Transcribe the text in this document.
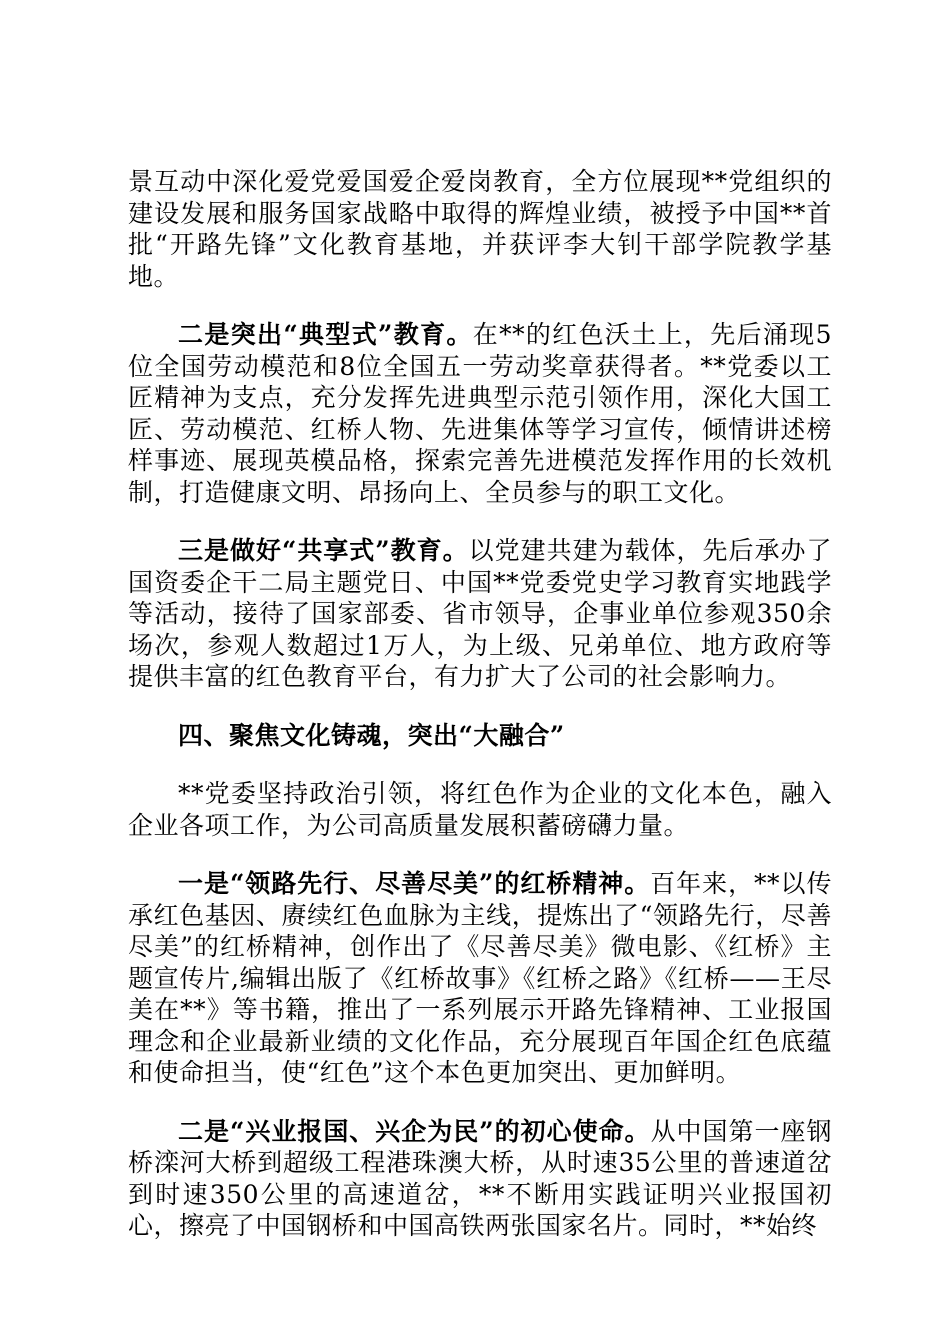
景互动中深化爱党爱国爱企爱岗教育，全方位展现**党组织的建设发展和服务国家战略中取得的辉煌业绩，被授予中国**首批“开路先锋”文化教育基地，并获评李大钊干部学院教学基地。

二是突出“典型式”教育。在**的红色沃土上，先后涌现5位全国劳动模范和8位全国五一劳动奖章获得者。**党委以工匠精神为支点，充分发挥先进典型示范引领作用，深化大国工匠、劳动模范、红桥人物、先进集体等学习宣传，倾情讲述榜样事迹、展现英模品格，探索完善先进模范发挥作用的长效机制，打造健康文明、昂扬向上、全员参与的职工文化。

三是做好“共享式”教育。以党建共建为载体，先后承办了国资委企干二局主题党日、中国**党委党史学习教育实地践学等活动，接待了国家部委、省市领导，企事业单位参观350余场次，参观人数超过1万人，为上级、兄弟单位、地方政府等提供丰富的红色教育平台，有力扩大了公司的社会影响力。

四、聚焦文化铸魂，突出“大融合”

**党委坚持政治引领，将红色作为企业的文化本色，融入企业各项工作，为公司高质量发展积蓄磅礴力量。

一是“领路先行、尽善尽美”的红桥精神。百年来，**以传承红色基因、赓续红色血脉为主线，提炼出了“领路先行，尽善尽美”的红桥精神，创作出了《尽善尽美》微电影、《红桥》主题宣传片,编辑出版了《红桥故事》《红桥之路》《红桥——王尽美在**》等书籍，推出了一系列展示开路先锋精神、工业报国理念和企业最新业绩的文化作品，充分展现百年国企红色底蕴和使命担当，使“红色”这个本色更加突出、更加鲜明。

二是“兴业报国、兴企为民”的初心使命。从中国第一座钢桥滦河大桥到超级工程港珠澳大桥，从时速35公里的普速道岔到时速350公里的高速道岔，**不断用实践证明兴业报国初心，擦亮了中国钢桥和中国高铁两张国家名片。同时，**始终
